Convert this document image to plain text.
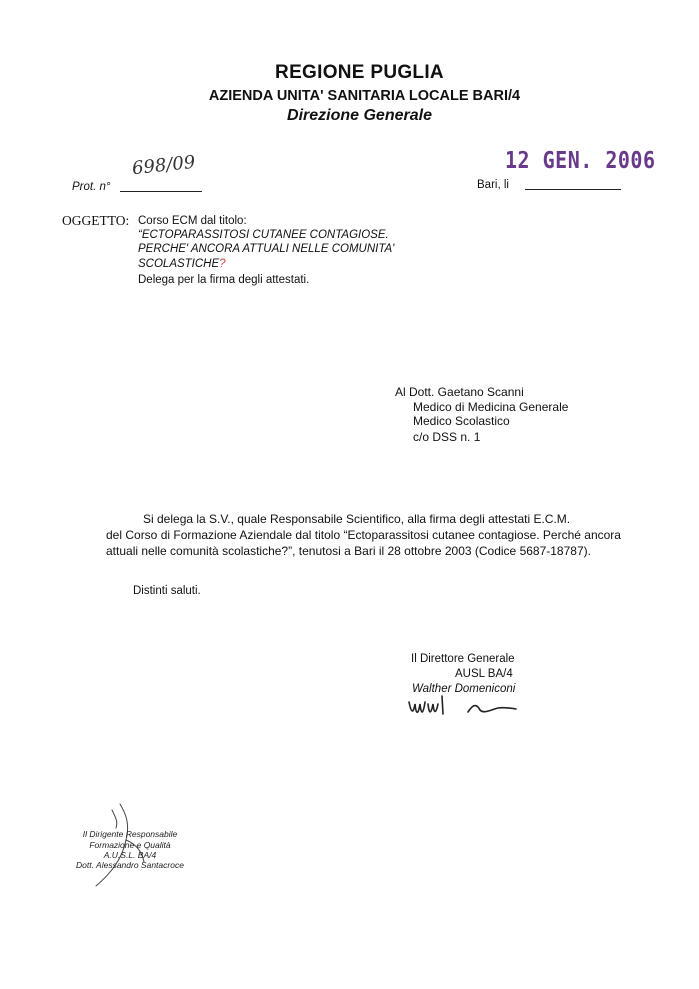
REGIONE PUGLIA
AZIENDA UNITA' SANITARIA LOCALE BARI/4
Direzione Generale
12 GEN. 2006
698/09
Prot. n°	Bari, li
OGGETTO: Corso ECM dal titolo:
“ECTOPARASSITOSI CUTANEE CONTAGIOSE.
PERCHE' ANCORA ATTUALI NELLE COMUNITA'
SCOLASTICHE?
Delega per la firma degli attestati.
Al Dott. Gaetano Scanni
Medico di Medicina Generale
Medico Scolastico
c/o DSS n. 1
Si delega la S.V., quale Responsabile Scientifico, alla firma degli attestati E.C.M.
del Corso di Formazione Aziendale dal titolo “Ectoparassitosi cutanee contagiose. Perché ancora
attuali nelle comunità scolastiche?”, tenutosi a Bari il 28 ottobre 2003 (Codice 5687-18787).
Distinti saluti.
Il Direttore Generale
AUSL BA/4
Walther Domeniconi
Il Dirigente Responsabile
Formazione e Qualità
A.U.S.L. BA/4
Dott. Alessandro Santacroce
